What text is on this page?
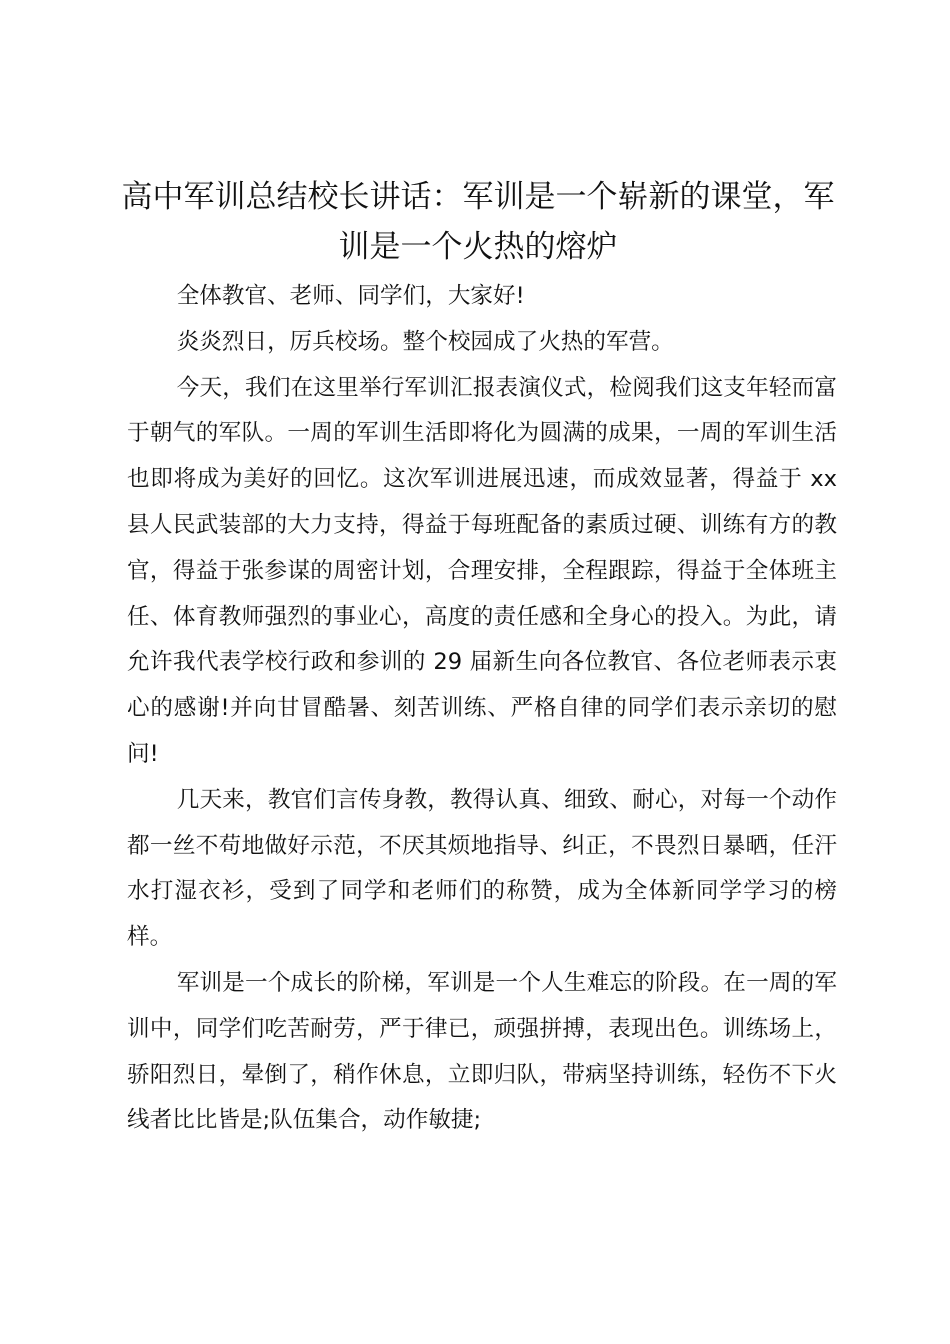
高中军训总结校长讲话：军训是一个崭新的课堂，军训是一个火热的熔炉

全体教官、老师、同学们，大家好!

炎炎烈日，厉兵校场。整个校园成了火热的军营。

今天，我们在这里举行军训汇报表演仪式，检阅我们这支年轻而富于朝气的军队。一周的军训生活即将化为圆满的成果，一周的军训生活也即将成为美好的回忆。这次军训进展迅速，而成效显著，得益于 xx 县人民武装部的大力支持，得益于每班配备的素质过硬、训练有方的教官，得益于张参谋的周密计划，合理安排，全程跟踪，得益于全体班主任、体育教师强烈的事业心，高度的责任感和全身心的投入。为此，请允许我代表学校行政和参训的 29 届新生向各位教官、各位老师表示衷心的感谢!并向甘冒酷暑、刻苦训练、严格自律的同学们表示亲切的慰问!

几天来，教官们言传身教，教得认真、细致、耐心，对每一个动作都一丝不苟地做好示范，不厌其烦地指导、纠正，不畏烈日暴晒，任汗水打湿衣衫，受到了同学和老师们的称赞，成为全体新同学学习的榜样。

军训是一个成长的阶梯，军训是一个人生难忘的阶段。在一周的军训中，同学们吃苦耐劳，严于律已，顽强拼搏，表现出色。训练场上，骄阳烈日，晕倒了，稍作休息，立即归队，带病坚持训练，轻伤不下火线者比比皆是;队伍集合，动作敏捷;
